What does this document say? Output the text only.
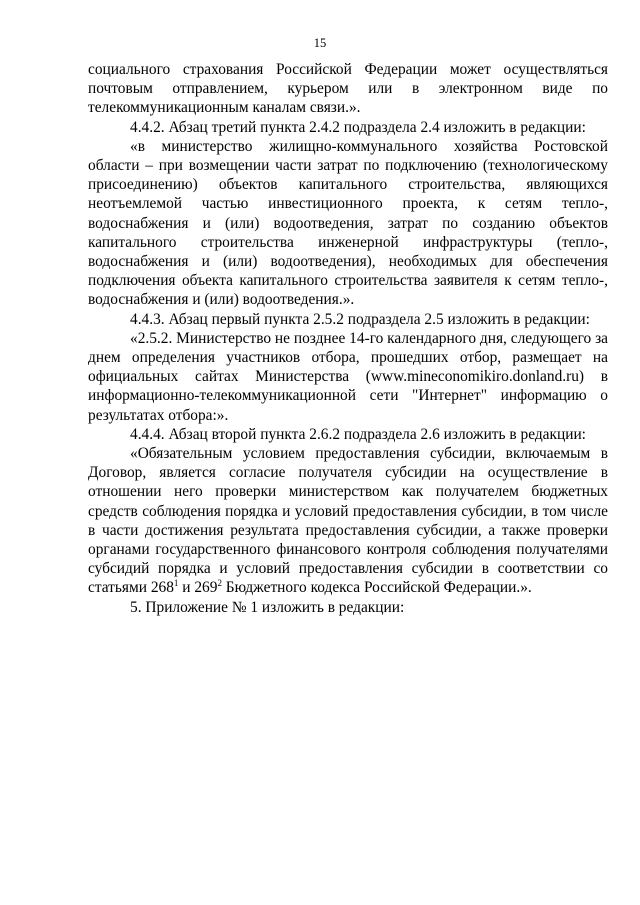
15

социального страхования Российской Федерации может осуществляться почтовым отправлением, курьером или в электронном виде по телекоммуникационным каналам связи.».

4.4.2. Абзац третий пункта 2.4.2 подраздела 2.4 изложить в редакции:

«в министерство жилищно-коммунального хозяйства Ростовской области – при возмещении части затрат по подключению (технологическому присоединению) объектов капитального строительства, являющихся неотъемлемой частью инвестиционного проекта, к сетям тепло-, водоснабжения и (или) водоотведения, затрат по созданию объектов капитального строительства инженерной инфраструктуры (тепло-, водоснабжения и (или) водоотведения), необходимых для обеспечения подключения объекта капитального строительства заявителя к сетям тепло-, водоснабжения и (или) водоотведения.».

4.4.3. Абзац первый пункта 2.5.2 подраздела 2.5 изложить в редакции:

«2.5.2. Министерство не позднее 14-го календарного дня, следующего за днем определения участников отбора, прошедших отбор, размещает на официальных сайтах Министерства (www.mineconomikiro.donland.ru) в информационно-телекоммуникационной сети "Интернет" информацию о результатах отбора:».

4.4.4. Абзац второй пункта 2.6.2 подраздела 2.6 изложить в редакции:

«Обязательным условием предоставления субсидии, включаемым в Договор, является согласие получателя субсидии на осуществление в отношении него проверки министерством как получателем бюджетных средств соблюдения порядка и условий предоставления субсидии, в том числе в части достижения результата предоставления субсидии, а также проверки органами государственного финансового контроля соблюдения получателями субсидий порядка и условий предоставления субсидии в соответствии со статьями $268^1$ и $269^2$ Бюджетного кодекса Российской Федерации.».

5. Приложение № 1 изложить в редакции:
